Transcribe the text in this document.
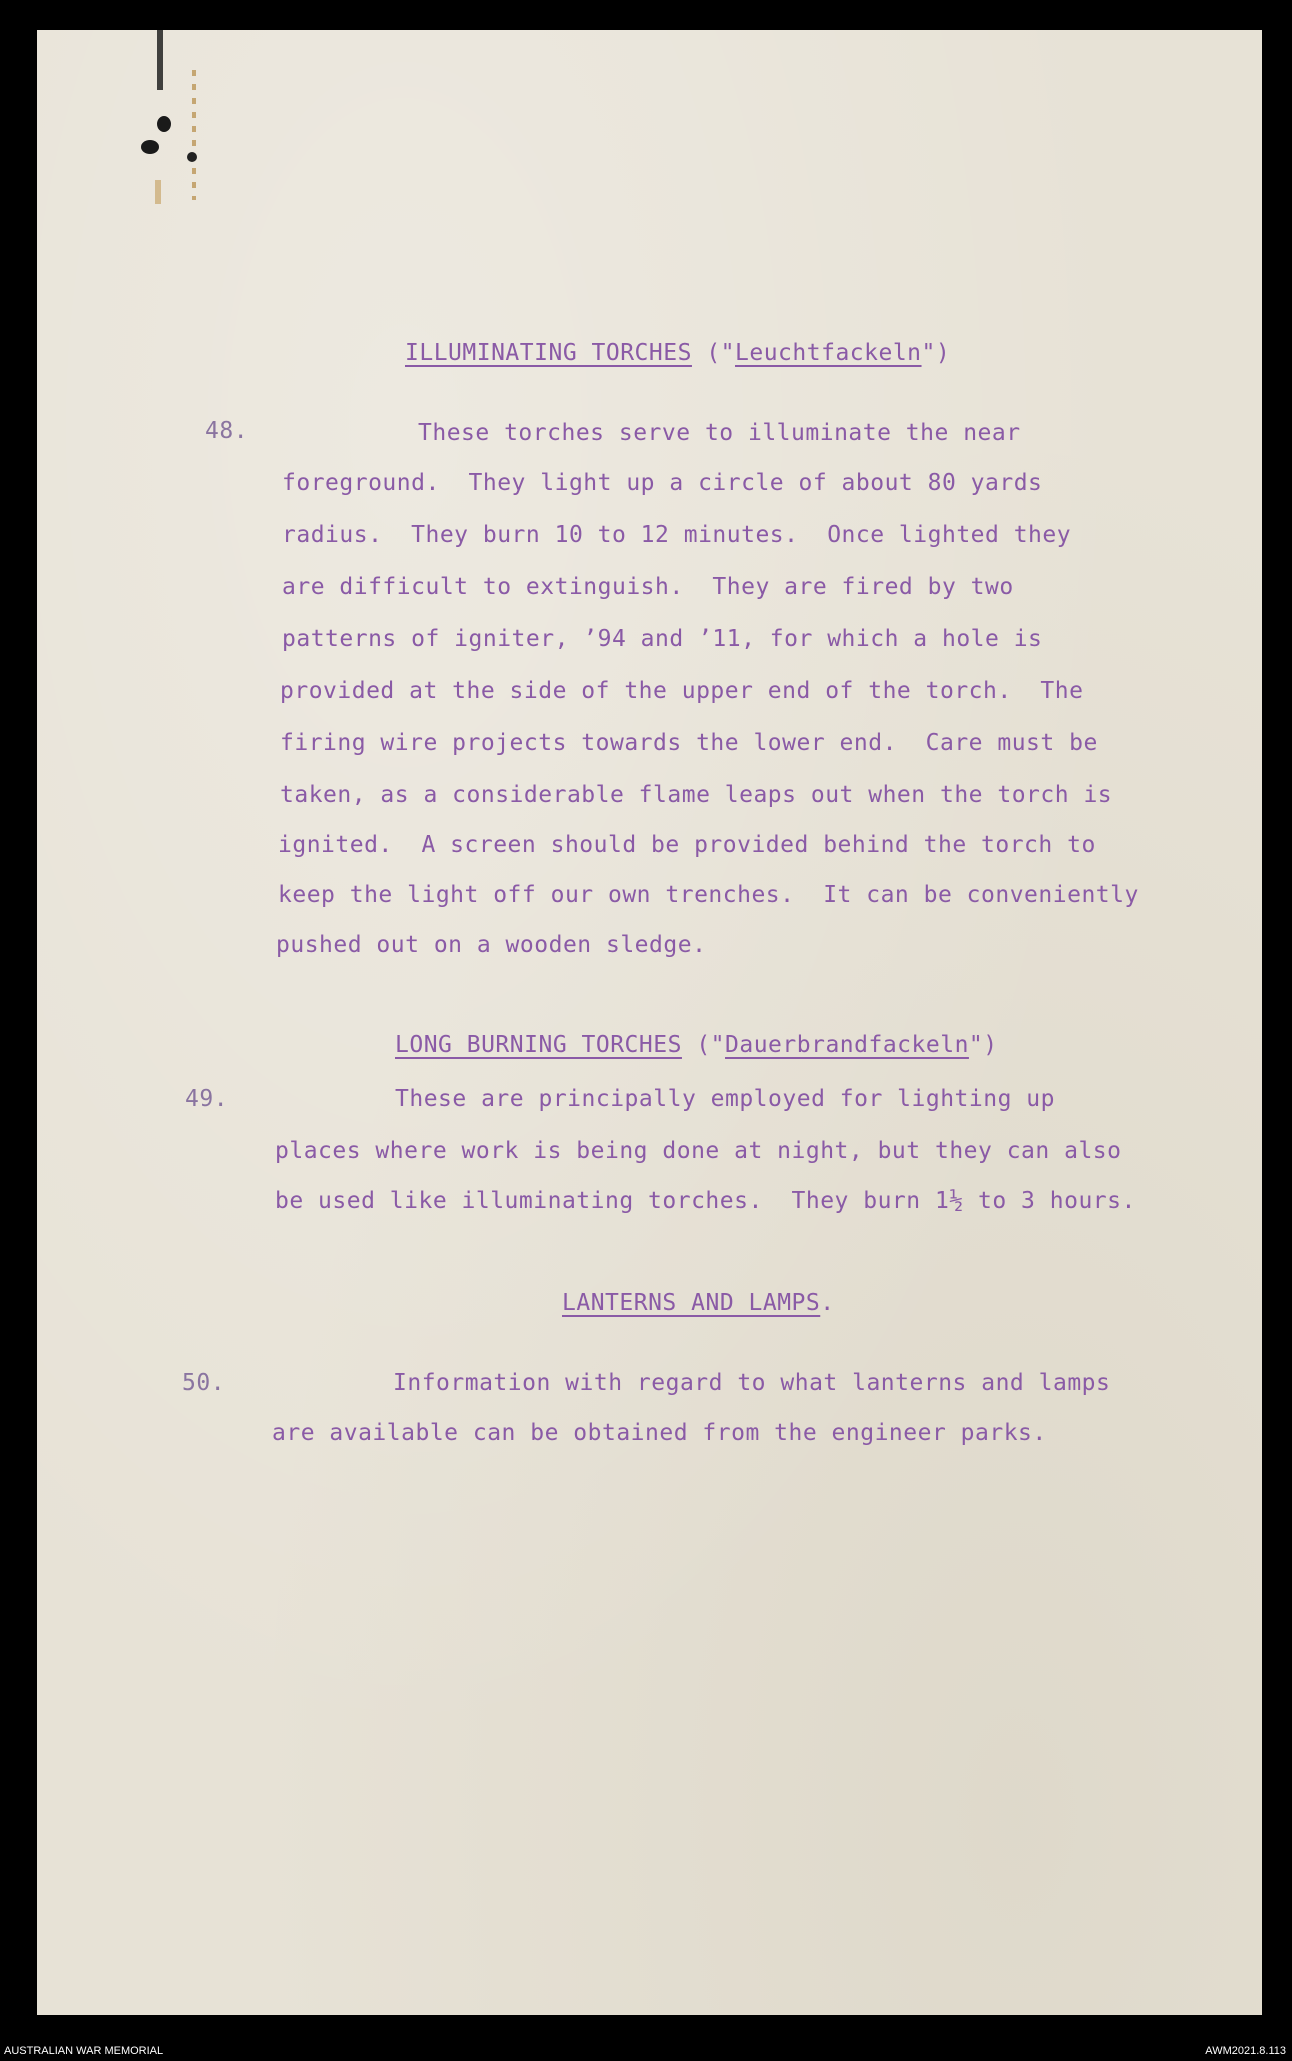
ILLUMINATING TORCHES ("Leuchtfackeln")
48.	These torches serve to illuminate the near
foreground.  They light up a circle of about 80 yards
radius.  They burn 10 to 12 minutes.  Once lighted they
are difficult to extinguish.  They are fired by two
patterns of igniter, ’94 and ’11, for which a hole is
provided at the side of the upper end of the torch.  The
firing wire projects towards the lower end.  Care must be
taken, as a considerable flame leaps out when the torch is
ignited.  A screen should be provided behind the torch to
keep the light off our own trenches.  It can be conveniently
pushed out on a wooden sledge.
LONG BURNING TORCHES ("Dauerbrandfackeln")
49.	These are principally employed for lighting up
places where work is being done at night, but they can also
be used like illuminating torches.  They burn 1½ to 3 hours.
LANTERNS AND LAMPS.
50.	Information with regard to what lanterns and lamps
are available can be obtained from the engineer parks.
AUSTRALIAN WAR MEMORIAL	AWM2021.8.113
